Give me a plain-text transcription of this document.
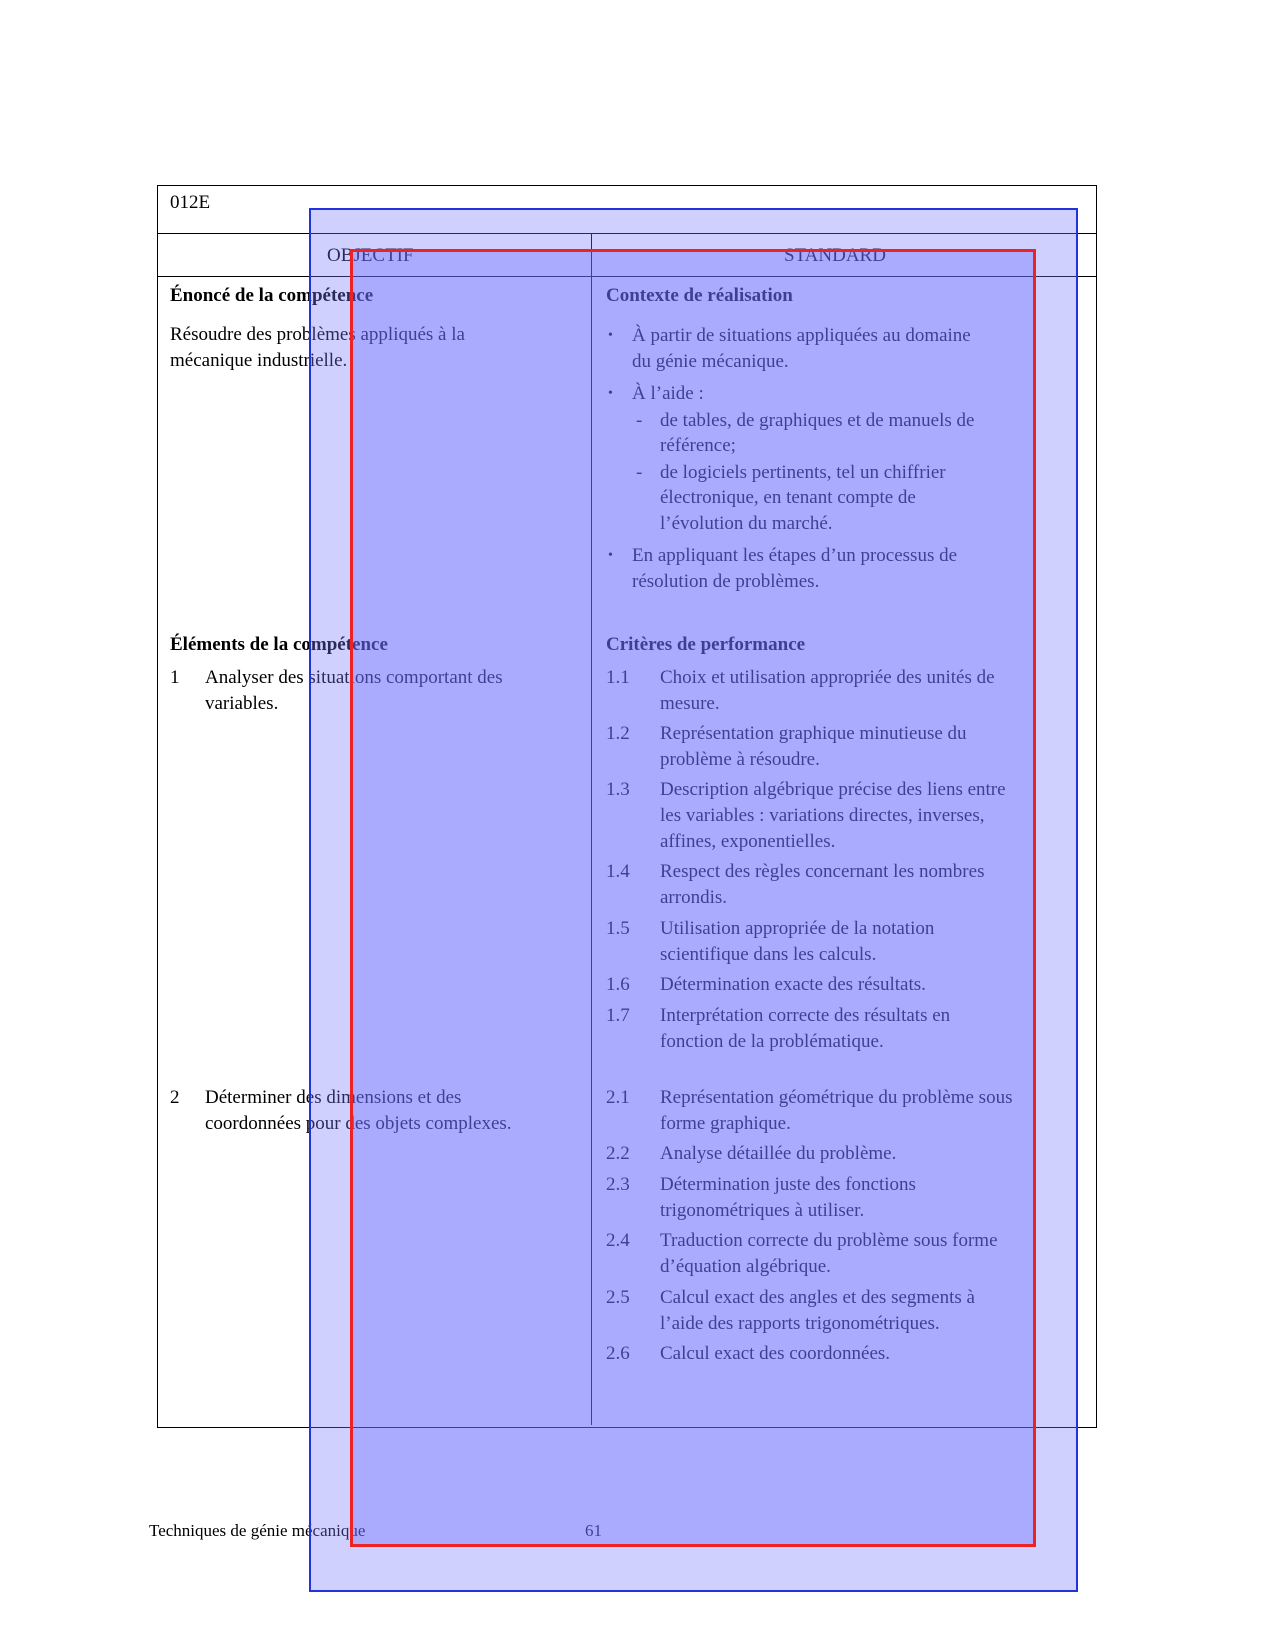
012E
OBJECTIF	STANDARD
Énoncé de la compétence
Résoudre des problèmes appliqués à la
mécanique industrielle.
Éléments de la compétence
1 Analyser des situations comportant des
variables.
2 Déterminer des dimensions et des
coordonnées pour des objets complexes.
Contexte de réalisation
• À partir de situations appliquées au domaine
du génie mécanique.
• À l’aide :
- de tables, de graphiques et de manuels de
référence;
- de logiciels pertinents, tel un chiffrier
électronique, en tenant compte de
l’évolution du marché.
• En appliquant les étapes d’un processus de
résolution de problèmes.
Critères de performance
1.1 Choix et utilisation appropriée des unités de
mesure.
1.2 Représentation graphique minutieuse du
problème à résoudre.
1.3 Description algébrique précise des liens entre
les variables : variations directes, inverses,
affines, exponentielles.
1.4 Respect des règles concernant les nombres
arrondis.
1.5 Utilisation appropriée de la notation
scientifique dans les calculs.
1.6 Détermination exacte des résultats.
1.7 Interprétation correcte des résultats en
fonction de la problématique.
2.1 Représentation géométrique du problème sous
forme graphique.
2.2 Analyse détaillée du problème.
2.3 Détermination juste des fonctions
trigonométriques à utiliser.
2.4 Traduction correcte du problème sous forme
d’équation algébrique.
2.5 Calcul exact des angles et des segments à
l’aide des rapports trigonométriques.
2.6 Calcul exact des coordonnées.
Techniques de génie mécanique	61
